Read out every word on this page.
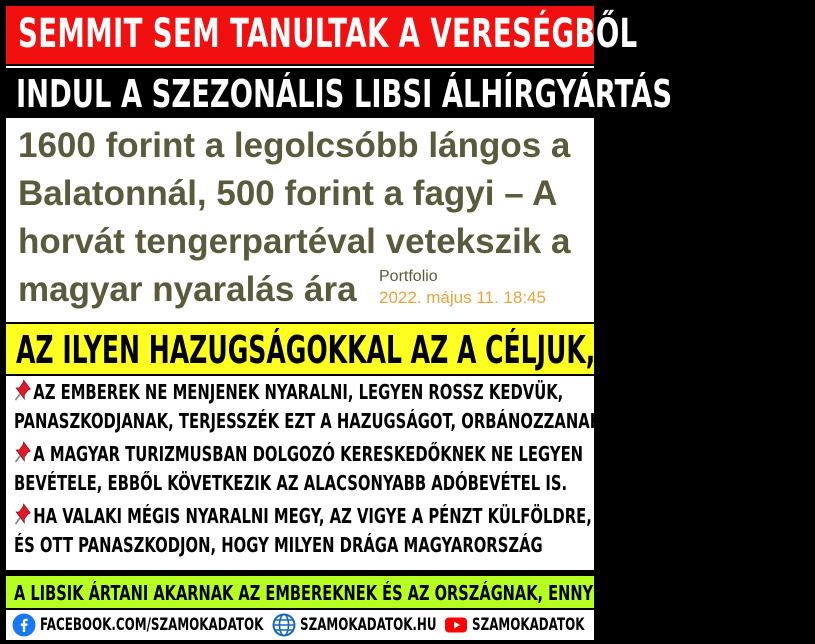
SEMMIT SEM TANULTAK A VERESÉGBŐL
INDUL A SZEZONÁLIS LIBSI ÁLHÍRGYÁRTÁS
1600 forint a legolcsóbb lángos a
Balatonnál, 500 forint a fagyi – A
horvát tengerpartéval vetekszik a
magyar nyaralás ára Portfolio
2022. május 11. 18:45
AZ ILYEN HAZUGSÁGOKKAL AZ A CÉLJUK, HOGY
AZ EMBEREK NE MENJENEK NYARALNI, LEGYEN ROSSZ KEDVÜK,
PANASZKODJANAK, TERJESSZÉK EZT A HAZUGSÁGOT, ORBÁNOZZANAK.
A MAGYAR TURIZMUSBAN DOLGOZÓ KERESKEDŐKNEK NE LEGYEN
BEVÉTELE, EBBŐL KÖVETKEZIK AZ ALACSONYABB ADÓBEVÉTEL IS.
HA VALAKI MÉGIS NYARALNI MEGY, AZ VIGYE A PÉNZT KÜLFÖLDRE,
ÉS OTT PANASZKODJON, HOGY MILYEN DRÁGA MAGYARORSZÁG
A LIBSIK ÁRTANI AKARNAK AZ EMBEREKNEK ÉS AZ ORSZÁGNAK, ENNYI AZ EGÉSZ!
FACEBOOK.COM/SZAMOKADATOK SZAMOKADATOK.HU SZAMOKADATOK
